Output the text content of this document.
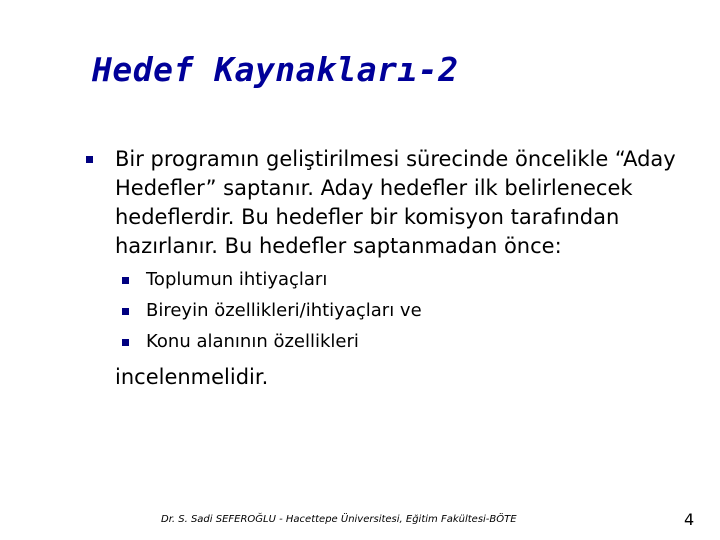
Hedef Kaynakları-2
Bir programın geliştirilmesi sürecinde öncelikle “Aday
Hedefler” saptanır. Aday hedefler ilk belirlenecek
hedeflerdir. Bu hedefler bir komisyon tarafından
hazırlanır. Bu hedefler saptanmadan önce:
Toplumun ihtiyaçları
Bireyin özellikleri/ihtiyaçları ve
Konu alanının özellikleri
incelenmelidir.
Dr. S. Sadi SEFEROĞLU - Hacettepe Üniversitesi, Eğitim Fakültesi-BÖTE	4
